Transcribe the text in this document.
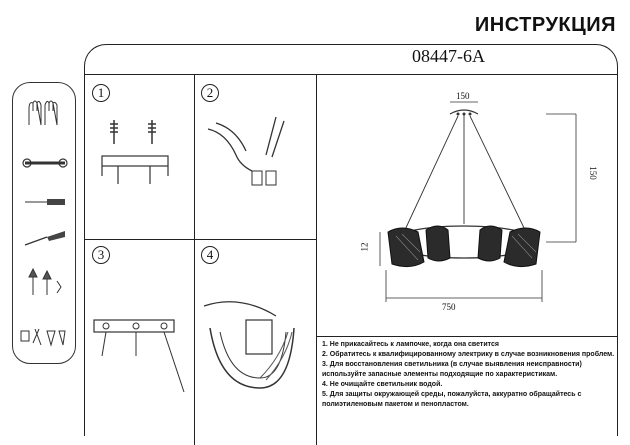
ИНСТРУКЦИЯ
08447-6A
1	2
3	4
150
150
12
750
1. Не прикасайтесь к лампочке, когда она светится
2. Обратитесь к квалифицированному электрику в случае возникновения проблем.
3. Для восстановления светильника (в случае выявления неисправности)
используйте запасные элементы подходящие по характеристикам.
4. Не очищайте светильник водой.
5. Для защиты окружающей среды, пожалуйста, аккуратно обращайтесь с
полиэтиленовым пакетом и пенопластом.
